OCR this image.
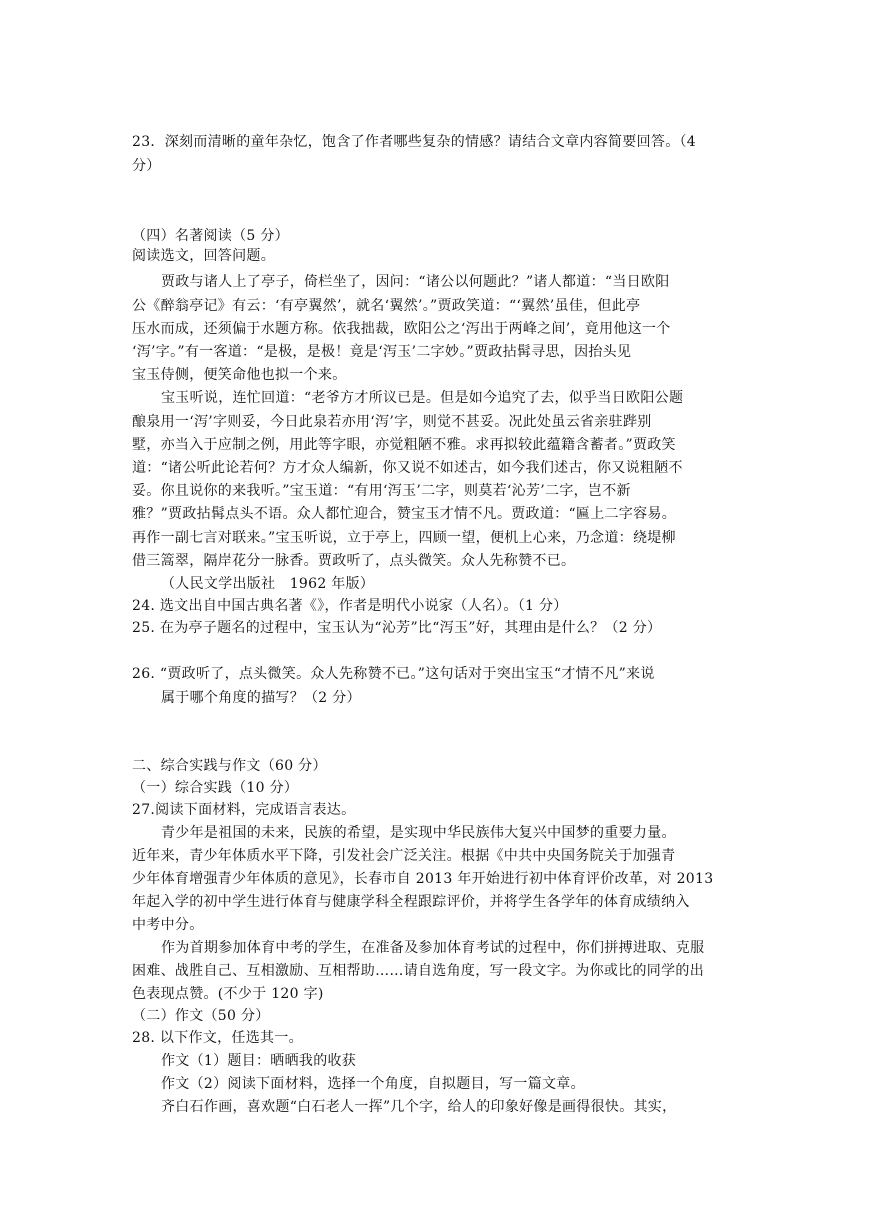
23．深刻而清晰的童年杂忆，饱含了作者哪些复杂的情感？请结合文章内容简要回答。（4
分）
（四）名著阅读（5 分）
阅读选文，回答问题。
贾政与诸人上了亭子，倚栏坐了，因问：“诸公以何题此？”诸人都道：“当日欧阳
公《醉翁亭记》有云：‘有亭翼然’，就名‘翼然’。”贾政笑道：“‘翼然’虽佳，但此亭
压水而成，还须偏于水题方称。依我拙裁，欧阳公之‘泻出于两峰之间’，竟用他这一个
‘泻’字。”有一客道：“是极，是极！竟是‘泻玉’二字妙。”贾政拈髯寻思，因抬头见
宝玉侍侧，便笑命他也拟一个来。
宝玉听说，连忙回道：“老爷方才所议已是。但是如今追究了去，似乎当日欧阳公题
酿泉用一‘泻’字则妥，今日此泉若亦用‘泻’字，则觉不甚妥。况此处虽云省亲驻跸别
墅，亦当入于应制之例，用此等字眼，亦觉粗陋不雅。求再拟较此蕴籍含蓄者。”贾政笑
道：“诸公听此论若何？方才众人编新，你又说不如述古，如今我们述古，你又说粗陋不
妥。你且说你的来我听。”宝玉道：“有用‘泻玉’二字，则莫若‘沁芳’二字，岂不新
雅？”贾政拈髯点头不语。众人都忙迎合，赞宝玉才情不凡。贾政道：“匾上二字容易。
再作一副七言对联来。”宝玉听说，立于亭上，四顾一望，便机上心来，乃念道：绕堤柳
借三篙翠，隔岸花分一脉香。贾政听了，点头微笑。众人先称赞不已。
（人民文学出版社　1962 年版）
24. 选文出自中国古典名著《》，作者是明代小说家（人名）。（1 分）
25. 在为亭子题名的过程中，宝玉认为“沁芳”比“泻玉”好，其理由是什么？（2 分）
26. “贾政听了，点头微笑。众人先称赞不已。”这句话对于突出宝玉“才情不凡”来说
属于哪个角度的描写？（2 分）
二、综合实践与作文（60 分）
（一）综合实践（10 分）
27.阅读下面材料，完成语言表达。
青少年是祖国的未来，民族的希望，是实现中华民族伟大复兴中国梦的重要力量。
近年来，青少年体质水平下降，引发社会广泛关注。根据《中共中央国务院关于加强青
少年体育增强青少年体质的意见》，长春市自 2013 年开始进行初中体育评价改革，对 2013
年起入学的初中学生进行体育与健康学科全程跟踪评价，并将学生各学年的体育成绩纳入
中考中分。
作为首期参加体育中考的学生，在准备及参加体育考试的过程中，你们拼搏进取、克服
困难、战胜自己、互相激励、互相帮助……请自选角度，写一段文字。为你或比的同学的出
色表现点赞。(不少于 120 字)
（二）作文（50 分）
28. 以下作文，任选其一。
作文（1）题目：晒晒我的收获
作文（2）阅读下面材料，选择一个角度，自拟题目，写一篇文章。
齐白石作画，喜欢题“白石老人一挥”几个字，给人的印象好像是画得很快。其实，
